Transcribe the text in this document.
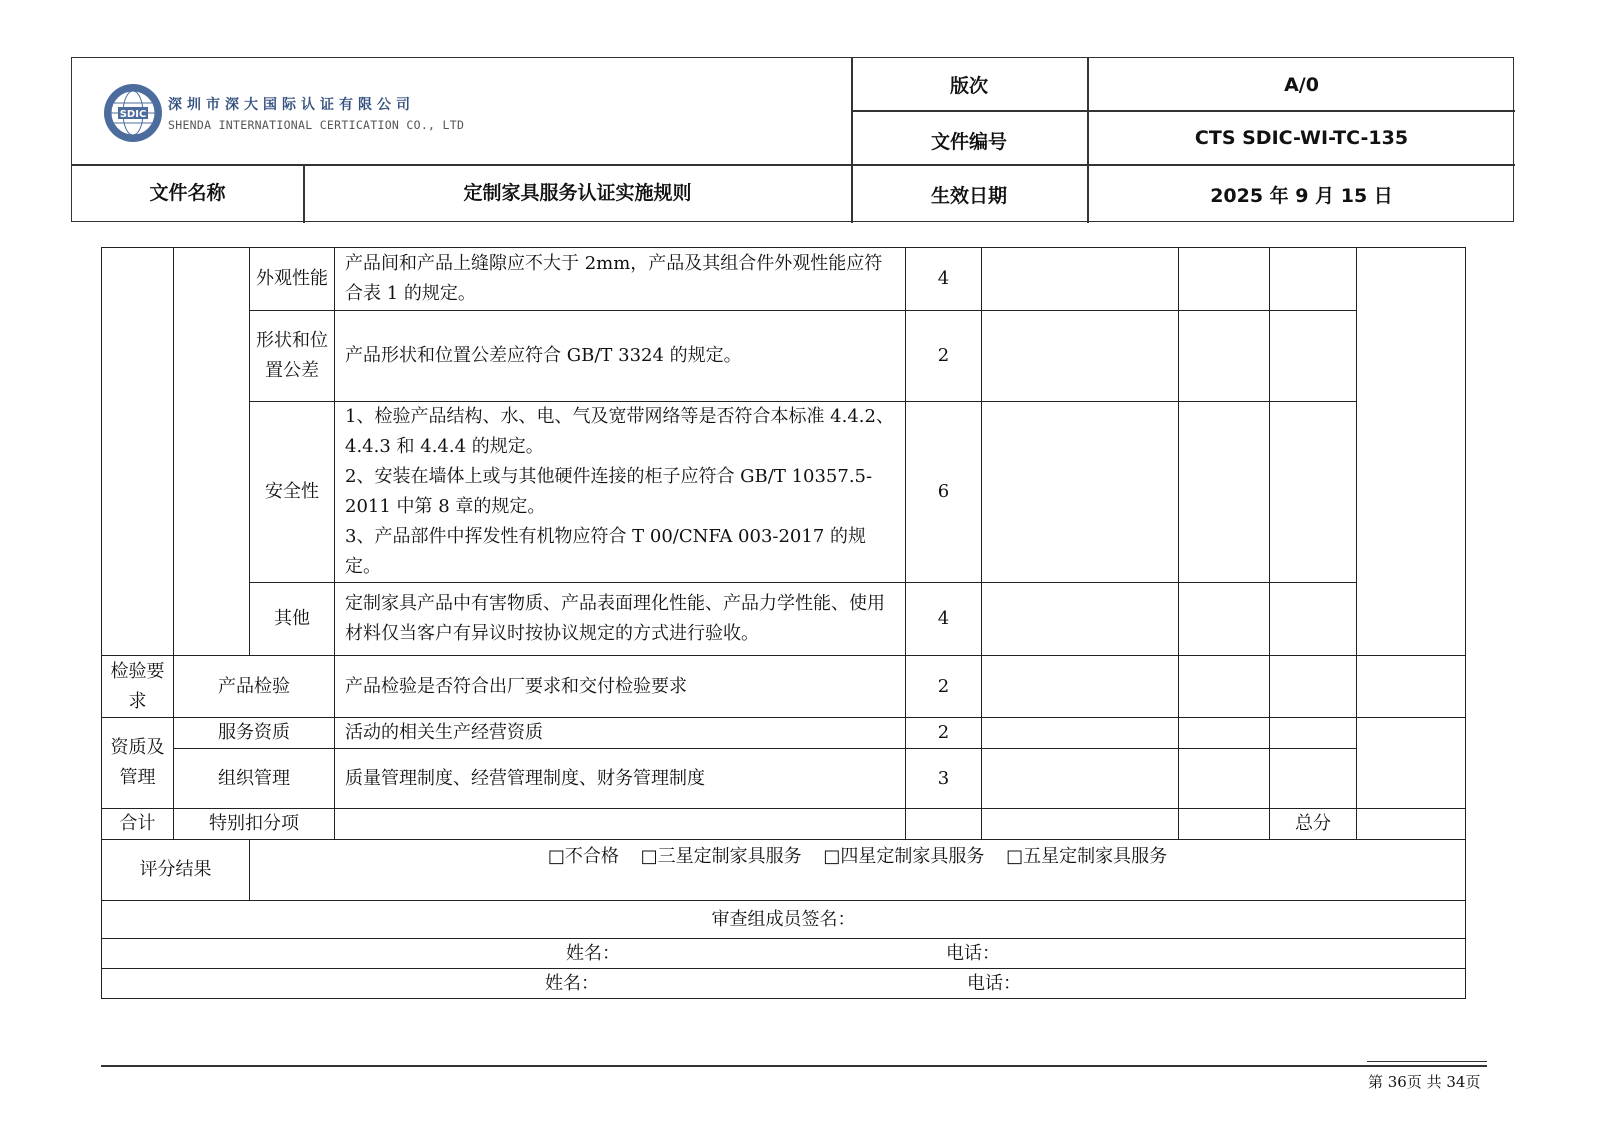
SDIC
深圳市深大国际认证有限公司
SHENDA INTERNATIONAL CERTICATION CO., LTD
版次	A/0
文件编号	CTS SDIC-WI-TC-135
文件名称	定制家具服务认证实施规则	生效日期	2025 年 9 月 15 日
		外观性能	产品间和产品上缝隙应不大于 2mm，产品及其组合件外观性能应符合表 1 的规定。	4				
		形状和位置公差	产品形状和位置公差应符合 GB/T 3324 的规定。	2				
		安全性	1、检验产品结构、水、电、气及宽带网络等是否符合本标准 4.4.2、4.4.3 和 4.4.4 的规定。
2、安装在墙体上或与其他硬件连接的柜子应符合 GB/T 10357.5-2011 中第 8 章的规定。
3、产品部件中挥发性有机物应符合 T 00/CNFA 003-2017 的规定。	6				
		其他	定制家具产品中有害物质、产品表面理化性能、产品力学性能、使用材料仅当客户有异议时按协议规定的方式进行验收。	4				
检验要求	产品检验		产品检验是否符合出厂要求和交付检验要求	2				
资质及管理	服务资质		活动的相关生产经营资质	2				
	组织管理		质量管理制度、经营管理制度、财务管理制度	3				
合计	特别扣分项						总分	
评分结果		□不合格 □三星定制家具服务 □四星定制家具服务 □五星定制家具服务						
审查组成员签名：								

姓名： 电话：								

姓名： 电话：								
第 36页 共 34页
